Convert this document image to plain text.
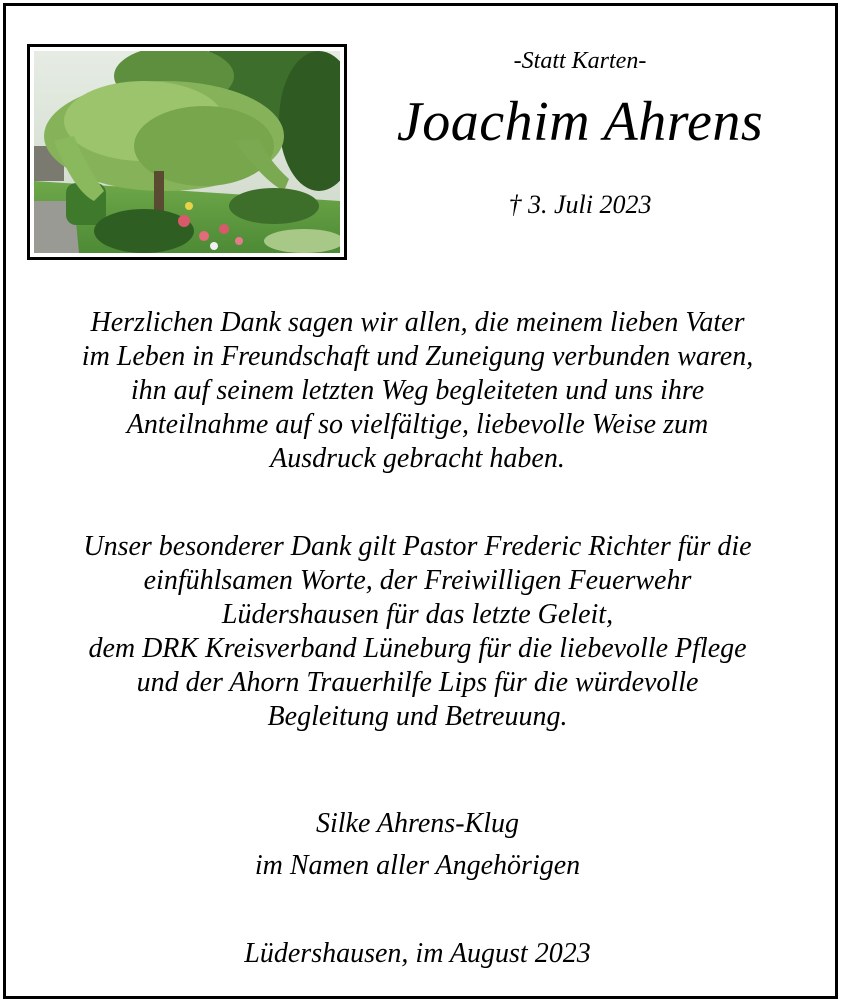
-Statt Karten-
Joachim Ahrens
† 3. Juli 2023
Herzlichen Dank sagen wir allen, die meinem lieben Vater
im Leben in Freundschaft und Zuneigung verbunden waren,
ihn auf seinem letzten Weg begleiteten und uns ihre
Anteilnahme auf so vielfältige, liebevolle Weise zum
Ausdruck gebracht haben.
Unser besonderer Dank gilt Pastor Frederic Richter für die
einfühlsamen Worte, der Freiwilligen Feuerwehr
Lüdershausen für das letzte Geleit,
dem DRK Kreisverband Lüneburg für die liebevolle Pflege
und der Ahorn Trauerhilfe Lips für die würdevolle
Begleitung und Betreuung.
Silke Ahrens-Klug
im Namen aller Angehörigen
Lüdershausen, im August 2023
